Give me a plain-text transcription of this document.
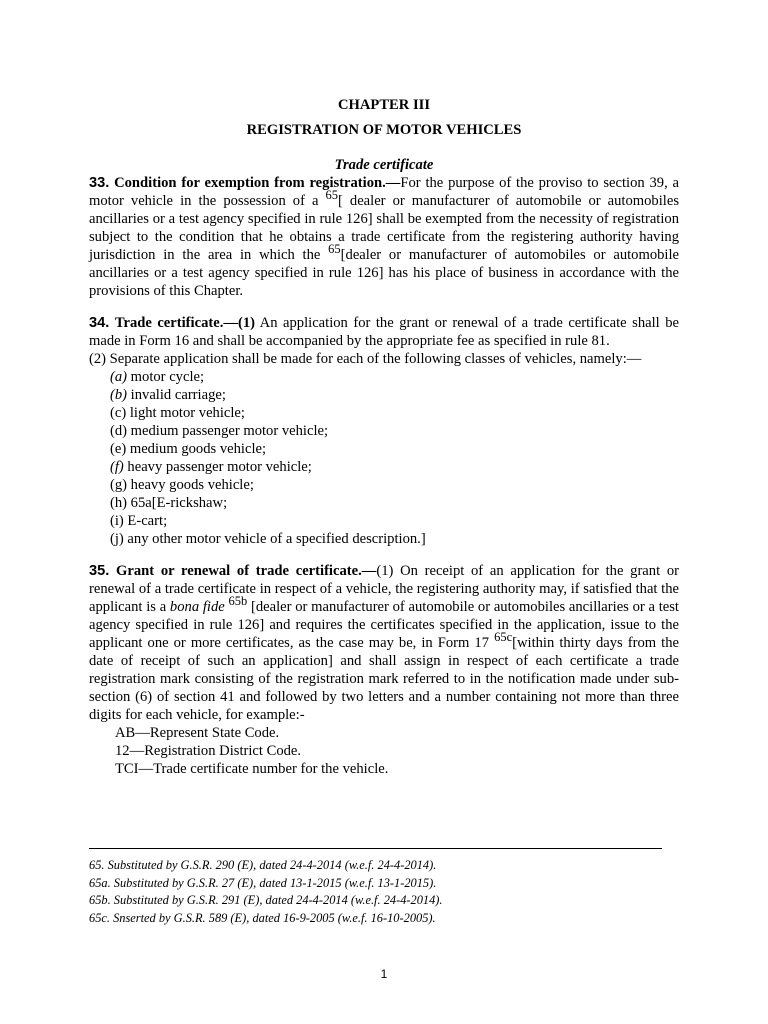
CHAPTER III
REGISTRATION OF MOTOR VEHICLES
Trade certificate

33. Condition for exemption from registration.—For the purpose of the proviso to section 39, a motor vehicle in the possession of a $^{65}$[ dealer or manufacturer of automobile or automobiles ancillaries or a test agency specified in rule 126] shall be exempted from the necessity of registration subject to the condition that he obtains a trade certificate from the registering authority having jurisdiction in the area in which the $^{65}$[dealer or manufacturer of automobiles or automobile ancillaries or a test agency specified in rule 126] has his place of business in accordance with the provisions of this Chapter.

34. Trade certificate.—(1) An application for the grant or renewal of a trade certificate shall be made in Form 16 and shall be accompanied by the appropriate fee as specified in rule 81.

(2) Separate application shall be made for each of the following classes of vehicles, namely:—

(a) motor cycle;
(b) invalid carriage;
(c) light motor vehicle;
(d) medium passenger motor vehicle;
(e) medium goods vehicle;
(f) heavy passenger motor vehicle;
(g) heavy goods vehicle;
(h) 65a[E-rickshaw;
(i) E-cart;
(j) any other motor vehicle of a specified description.]

35. Grant or renewal of trade certificate.—(1) On receipt of an application for the grant or renewal of a trade certificate in respect of a vehicle, the registering authority may, if satisfied that the applicant is a bona fide $^{65b}$ [dealer or manufacturer of automobile or automobiles ancillaries or a test agency specified in rule 126] and requires the certificates specified in the application, issue to the applicant one or more certificates, as the case may be, in Form 17 $^{65c}$[within thirty days from the date of receipt of such an application] and shall assign in respect of each certificate a trade registration mark consisting of the registration mark referred to in the notification made under sub-section (6) of section 41 and followed by two letters and a number containing not more than three digits for each vehicle, for example:-

AB—Represent State Code.
12—Registration District Code.
TCI—Trade certificate number for the vehicle.
65. Substituted by G.S.R. 290 (E), dated 24-4-2014 (w.e.f. 24-4-2014).
65a. Substituted by G.S.R. 27 (E), dated 13-1-2015 (w.e.f. 13-1-2015).
65b. Substituted by G.S.R. 291 (E), dated 24-4-2014 (w.e.f. 24-4-2014).
65c. Snserted by G.S.R. 589 (E), dated 16-9-2005 (w.e.f. 16-10-2005).
1
